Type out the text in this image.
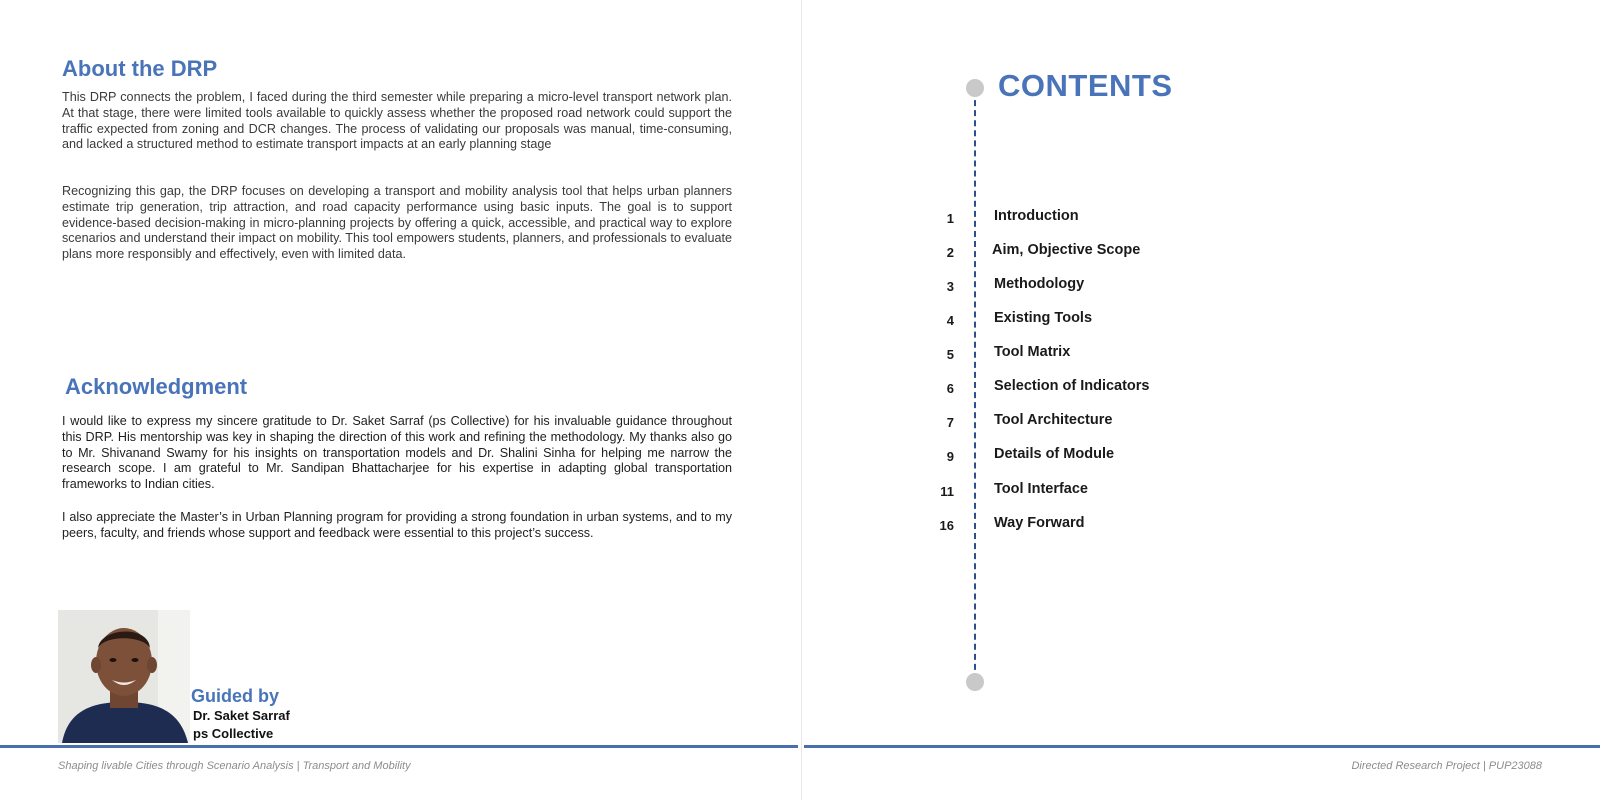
About the DRP

This DRP connects the problem, I faced during the third semester while preparing a micro-level transport network plan. At that stage, there were limited tools available to quickly assess whether the proposed road network could support the traffic expected from zoning and DCR changes. The process of validating our proposals was manual, time-consuming, and lacked a structured method to estimate transport impacts at an early planning stage

Recognizing this gap, the DRP focuses on developing a transport and mobility analysis tool that helps urban planners estimate trip generation, trip attraction, and road capacity performance using basic inputs. The goal is to support evidence-based decision-making in micro-planning projects by offering a quick, accessible, and practical way to explore scenarios and understand their impact on mobility. This tool empowers students, planners, and professionals to evaluate plans more responsibly and effectively, even with limited data.

Acknowledgment

I would like to express my sincere gratitude to Dr. Saket Sarraf (ps Collective) for his invaluable guidance throughout this DRP. His mentorship was key in shaping the direction of this work and refining the methodology. My thanks also go to Mr. Shivanand Swamy for his insights on transportation models and Dr. Shalini Sinha for helping me narrow the research scope. I am grateful to Mr. Sandipan Bhattacharjee for his expertise in adapting global transportation frameworks to Indian cities.

I also appreciate the Master’s in Urban Planning program for providing a strong foundation in urban systems, and to my peers, faculty, and friends whose support and feedback were essential to this project’s success.

Guided by
Dr. Saket Sarraf
ps Collective
Shaping livable Cities through Scenario Analysis | Transport and Mobility
CONTENTS
1	Introduction
2	Aim, Objective Scope
3	Methodology
4	Existing Tools
5	Tool Matrix
6	Selection of Indicators
7	Tool Architecture
9	Details of Module
11	Tool Interface
16	Way Forward
Directed Research Project | PUP23088
